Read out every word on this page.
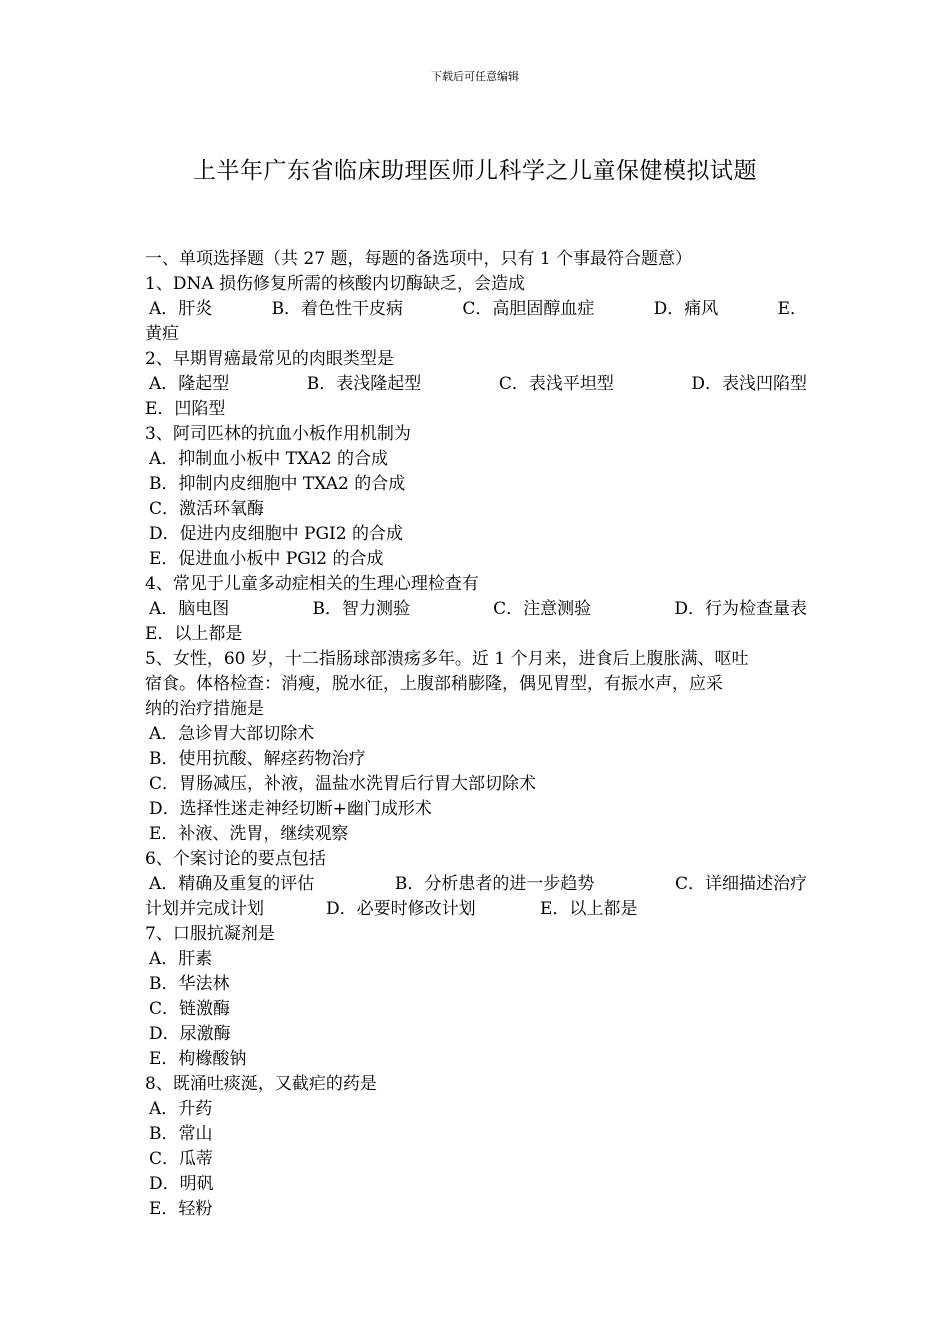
下载后可任意编辑
上半年广东省临床助理医师儿科学之儿童保健模拟试题
一、单项选择题（共 27 题，每题的备选项中，只有 1 个事最符合题意）
1、DNA 损伤修复所需的核酸内切酶缺乏，会造成
A．肝炎	B．着色性干皮病	C．高胆固醇血症	D．痛风	E．
黄疸
2、早期胃癌最常见的肉眼类型是
A．隆起型	B．表浅隆起型	C．表浅平坦型	D．表浅凹陷型
E．凹陷型
3、阿司匹林的抗血小板作用机制为
A．抑制血小板中 TXA2 的合成
B．抑制内皮细胞中 TXA2 的合成
C．激活环氧酶
D．促进内皮细胞中 PGI2 的合成
E．促进血小板中 PGl2 的合成
4、常见于儿童多动症相关的生理心理检查有
A．脑电图	B．智力测验	C．注意测验	D．行为检查量表
E．以上都是
5、女性，60 岁，十二指肠球部溃疡多年。近 1 个月来，进食后上腹胀满、呕吐
宿食。体格检查：消瘦，脱水征，上腹部稍膨隆，偶见胃型，有振水声，应采
纳的治疗措施是
A．急诊胃大部切除术
B．使用抗酸、解痉药物治疗
C．胃肠减压，补液，温盐水洗胃后行胃大部切除术
D．选择性迷走神经切断+幽门成形术
E．补液、洗胃，继续观察
6、个案讨论的要点包括
A．精确及重复的评估	B．分析患者的进一步趋势	C．详细描述治疗
计划并完成计划	D．必要时修改计划	E．以上都是
7、口服抗凝剂是
A．肝素
B．华法林
C．链激酶
D．尿激酶
E．枸橼酸钠
8、既涌吐痰涎，又截疟的药是
A．升药
B．常山
C．瓜蒂
D．明矾
E．轻粉
